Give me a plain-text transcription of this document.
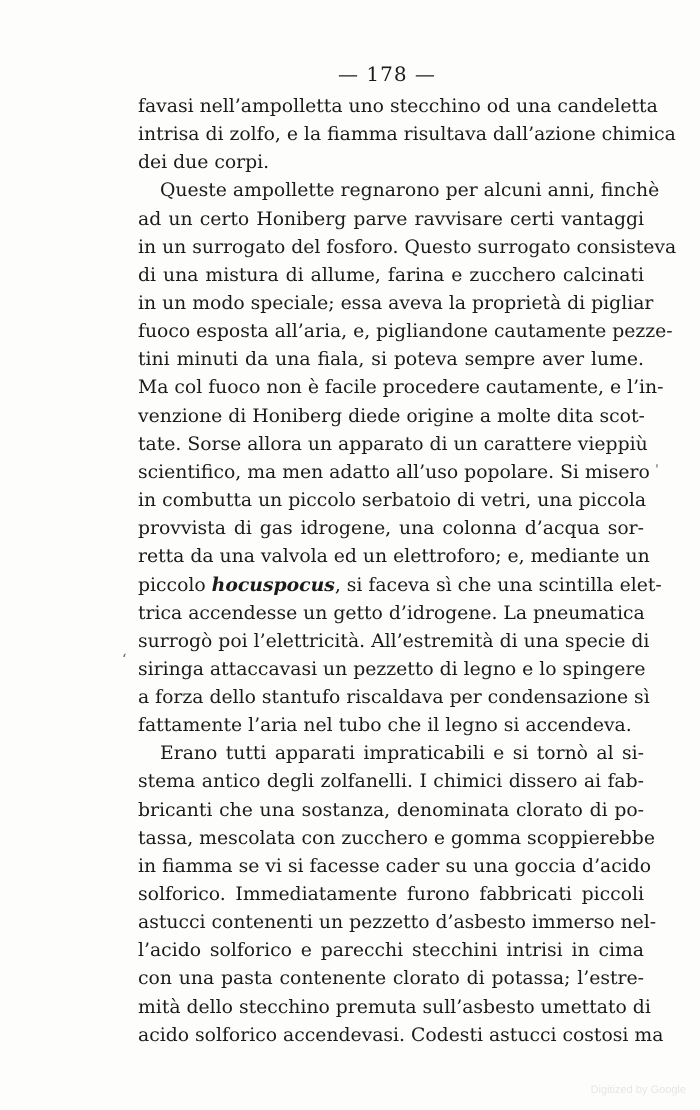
— 178 —
favasi nell’ampolletta uno stecchino od una candeletta
intrisa di zolfo, e la fiamma risultava dall’azione chimica
dei due corpi.
Queste ampollette regnarono per alcuni anni, finchè
ad un certo Honiberg parve ravvisare certi vantaggi
in un surrogato del fosforo. Questo surrogato consisteva
di una mistura di allume, farina e zucchero calcinati
in un modo speciale; essa aveva la proprietà di pigliar
fuoco esposta all’aria, e, pigliandone cautamente pezze-
tini minuti da una fiala, si poteva sempre aver lume.
Ma col fuoco non è facile procedere cautamente, e l’in-
venzione di Honiberg diede origine a molte dita scot-
tate. Sorse allora un apparato di un carattere vieppiù
scientifico, ma men adatto all’uso popolare. Si misero
in combutta un piccolo serbatoio di vetri, una piccola
provvista di gas idrogene, una colonna d’acqua sor-
retta da una valvola ed un elettroforo; e, mediante un
piccolo hocuspocus, si faceva sì che una scintilla elet-
trica accendesse un getto d’idrogene. La pneumatica
surrogò poi l’elettricità. All’estremità di una specie di
siringa attaccavasi un pezzetto di legno e lo spingere
a forza dello stantufo riscaldava per condensazione sì
fattamente l’aria nel tubo che il legno si accendeva.
Erano tutti apparati impraticabili e si tornò al si-
stema antico degli zolfanelli. I chimici dissero ai fab-
bricanti che una sostanza, denominata clorato di po-
tassa, mescolata con zucchero e gomma scoppierebbe
in fiamma se vi si facesse cader su una goccia d’acido
solforico. Immediatamente furono fabbricati piccoli
astucci contenenti un pezzetto d’asbesto immerso nel-
l’acido solforico e parecchi stecchini intrisi in cima
con una pasta contenente clorato di potassa; l’estre-
mità dello stecchino premuta sull’asbesto umettato di
acido solforico accendevasi. Codesti astucci costosi ma
ˈ
ʻ
Digitized by Google
